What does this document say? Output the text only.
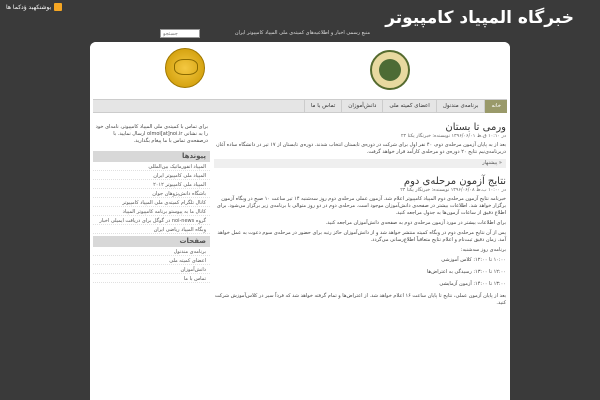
بوشنکهبد ؤدکما ها
خبرگاه المپیاد کامپیوتر
منبع رسمی اخبار و اطلاعیه‌های کمیته‌ی ملی المپیاد کامپیوتر ایران
خانه
برنامه‌ی مندنول
اعضای کمیته ملی
دانش‌آموزان
تماس با ما
برای تماس با کمیته‌ی ملی المپیاد کامپیوتر، نامه‌ای خود را به نشانی olmoi[at]noi.ir ارسال نمایید. با درصفحه‌ی تماس با ما پیغام بگذارید.
پیوندها
المپیاد انفورماتیک بین‌المللی
المپیاد ملی کامپیوتر ایران
المپیاد ملی کامپیوتر ۲۰۱۲
باشگاه دانش‌پژوهان جوان
کانال تلگرام کمیته‌ی ملی المپیاد کامپیوتر
کانال ما به پیوستو برنامه کامپیوتر المپیاد
گروه noi-news در گوگل برای دریافت ایمیلی اخبار
وبگاه المپیاد ریاضی ایران
صفحات
برنامه‌ی مندنول
اعضای کمیته ملی
دانش‌آموزان
تماس با ما
ورمی تا بستان
در ۱۰:۱۰ ق.ظ ۱۳۹۶/۰۶/۰۱ نویسنده: خبرنگار یکتا ۲۴
بعد از به پایان آزمون مرحله‌ی دوم، ۴۰ نفر اول برای شرکت در دوره‌ی تابستان انتخاب شدند. دوره‌ی تابستان از ۱۷ تیر در دانشگاه ساده آغاز، دربرنامه‌ی‌نیم نتایج ۲۰ دوره‌ی دو مرحله‌ی کارآمد قرار خواهد گرفت.
پیشنهار »
نتایج آزمون مرحله‌ی دوم
در ۱۰:۰۰ ب.ظ ۱۳۹۶/۰۶/۰۸ نویسنده: خبرنگار یکتا ۲۴
خبرنامه نتایج آزمون مرحله‌ی دوم المپیاد کامپیوتر اعلام شد. آزمون عملی مرحله‌ی دوم روز سه‌شنبه ۱۴ تیر ساعت ۱۰ صبح در وبگاه آزمون برگزار خواهد شد. اطلاعات بیشتر در صفحه‌ی دانش‌آموزان موجود است. مرحله‌ی دوم در دو روز متوالی با برنامه‌ی زیر برگزار می‌شود. برای اطلاع دقیق از ساعات آزمون‌ها به جدول مراجعه کنید.
برای اطلاعات بیشتر در مورد آزمون مرحله‌ی دوم به صفحه‌ی دانش‌آموزان مراجعه کنید.
پس از آن نتایج مرحله‌ی دوم در وبگاه کمیته منتشر خواهد شد و از دانش‌آموزان حائز رتبه برای حضور در مرحله‌ی سوم دعوت به عمل خواهد آمد. زمان دقیق ثبت‌نام و اعلام نتایج متعاقباً اطلاع‌رسانی می‌گردد.
برنامه‌ی روز سه‌شنبه:
۱۰:۰۰ تا ۱۲:۰۰: کلاس آموزشی
۱۲:۰۰ تا ۱۳:۰۰: رسیدگی به اعتراض‌ها
۱۳:۰۰ تا ۱۴:۰۰: آزمون آزمایشی
بعد از پایان آزمون عملی، نتایج تا پایان ساعت ۱۶ اعلام خواهد شد. از اعتراض‌ها و تمام گرفته خواهد شد که فرداً سیر در کلاس‌آموزش شرکت کنید.
جستجو
